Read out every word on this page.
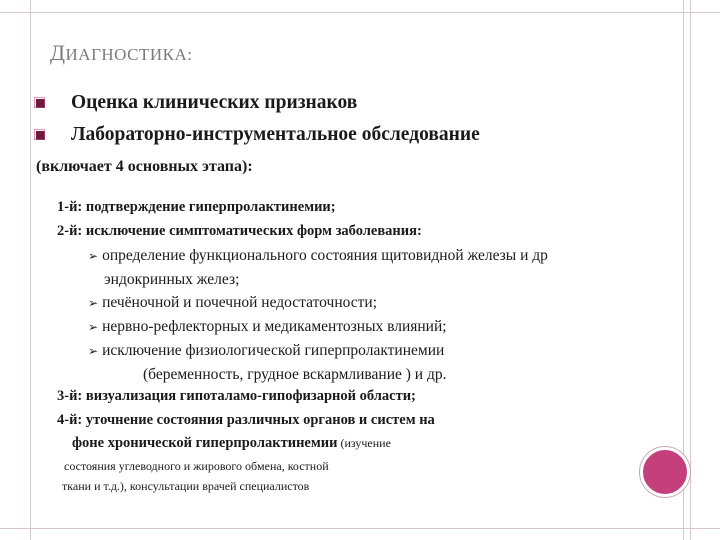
ДИАГНОСТИКА:
Оценка клинических признаков
Лабораторно-инструментальное обследование
(включает 4 основных этапа):
1-й: подтверждение гиперпролактинемии;
2-й: исключение симптоматических форм заболевания:
➢ определение функционального состояния щитовидной железы и др
эндокринных желез;
➢ печёночной и почечной недостаточности;
➢ нервно-рефлекторных и медикаментозных влияний;
➢ исключение физиологической гиперпролактинемии
(беременность, грудное вскармливание ) и др.
3-й: визуализация гипоталамо-гипофизарной области;
4-й: уточнение состояния различных органов и систем на
фоне хронической гиперпролактинемии (изучение
состояния углеводного и жирового обмена, костной
ткани и т.д.), консультации врачей специалистов
